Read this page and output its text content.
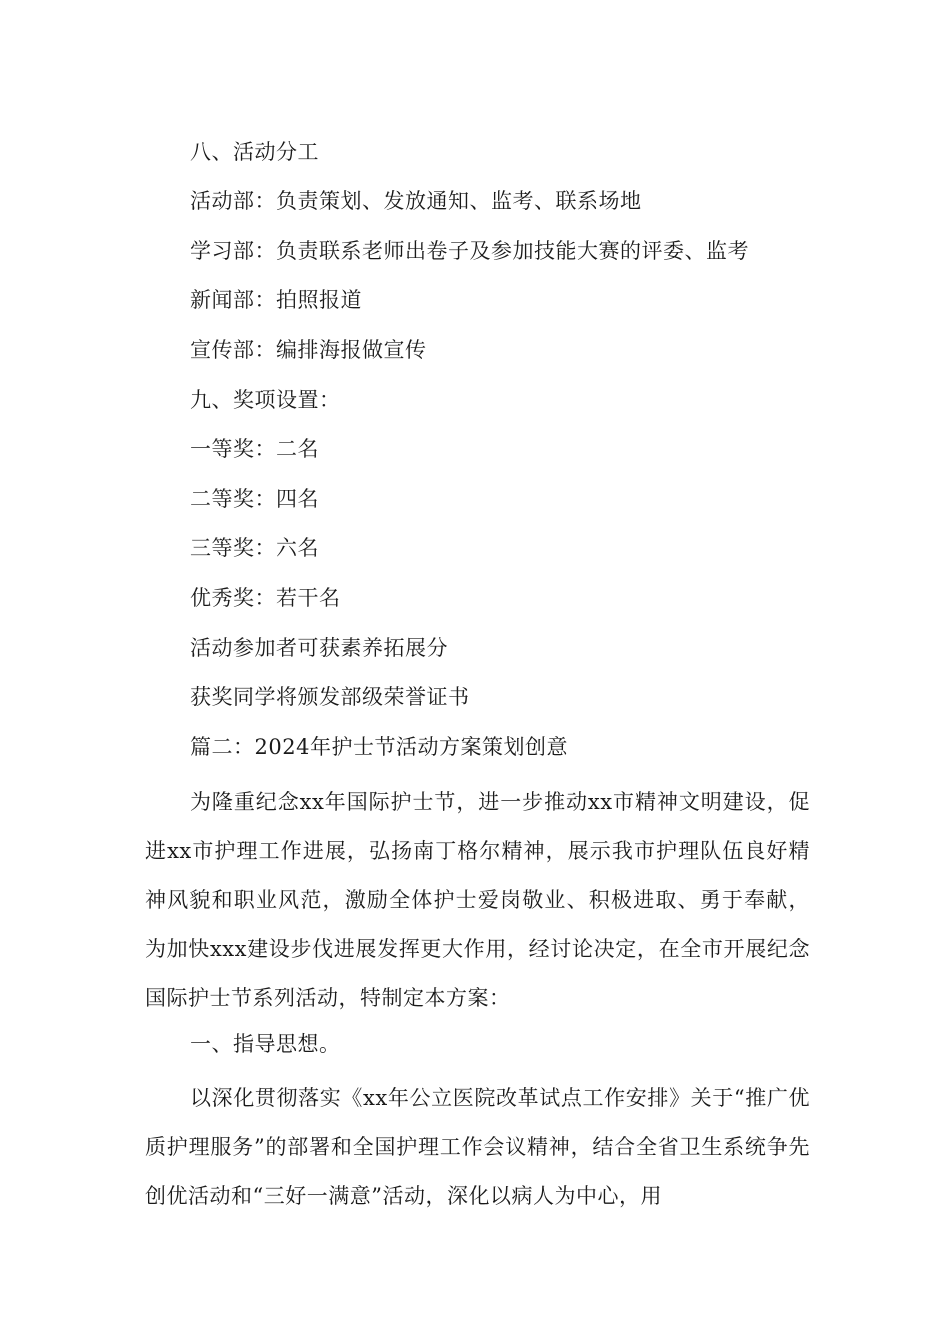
八、活动分工
活动部：负责策划、发放通知、监考、联系场地
学习部：负责联系老师出卷子及参加技能大赛的评委、监考
新闻部：拍照报道
宣传部：编排海报做宣传
九、奖项设置：
一等奖：二名
二等奖：四名
三等奖：六名
优秀奖：若干名
活动参加者可获素养拓展分
获奖同学将颁发部级荣誉证书
篇二：2024年护士节活动方案策划创意
为隆重纪念xx年国际护士节，进一步推动xx市精神文明建设，促进xx市护理工作进展，弘扬南丁格尔精神，展示我市护理队伍良好精神风貌和职业风范，激励全体护士爱岗敬业、积极进取、勇于奉献，为加快xxx建设步伐进展发挥更大作用，经讨论决定，在全市开展纪念国际护士节系列活动，特制定本方案：
一、指导思想。
以深化贯彻落实《xx年公立医院改革试点工作安排》关于“推广优质护理服务”的部署和全国护理工作会议精神，结合全省卫生系统争先创优活动和“三好一满意”活动，深化以病人为中心，用
